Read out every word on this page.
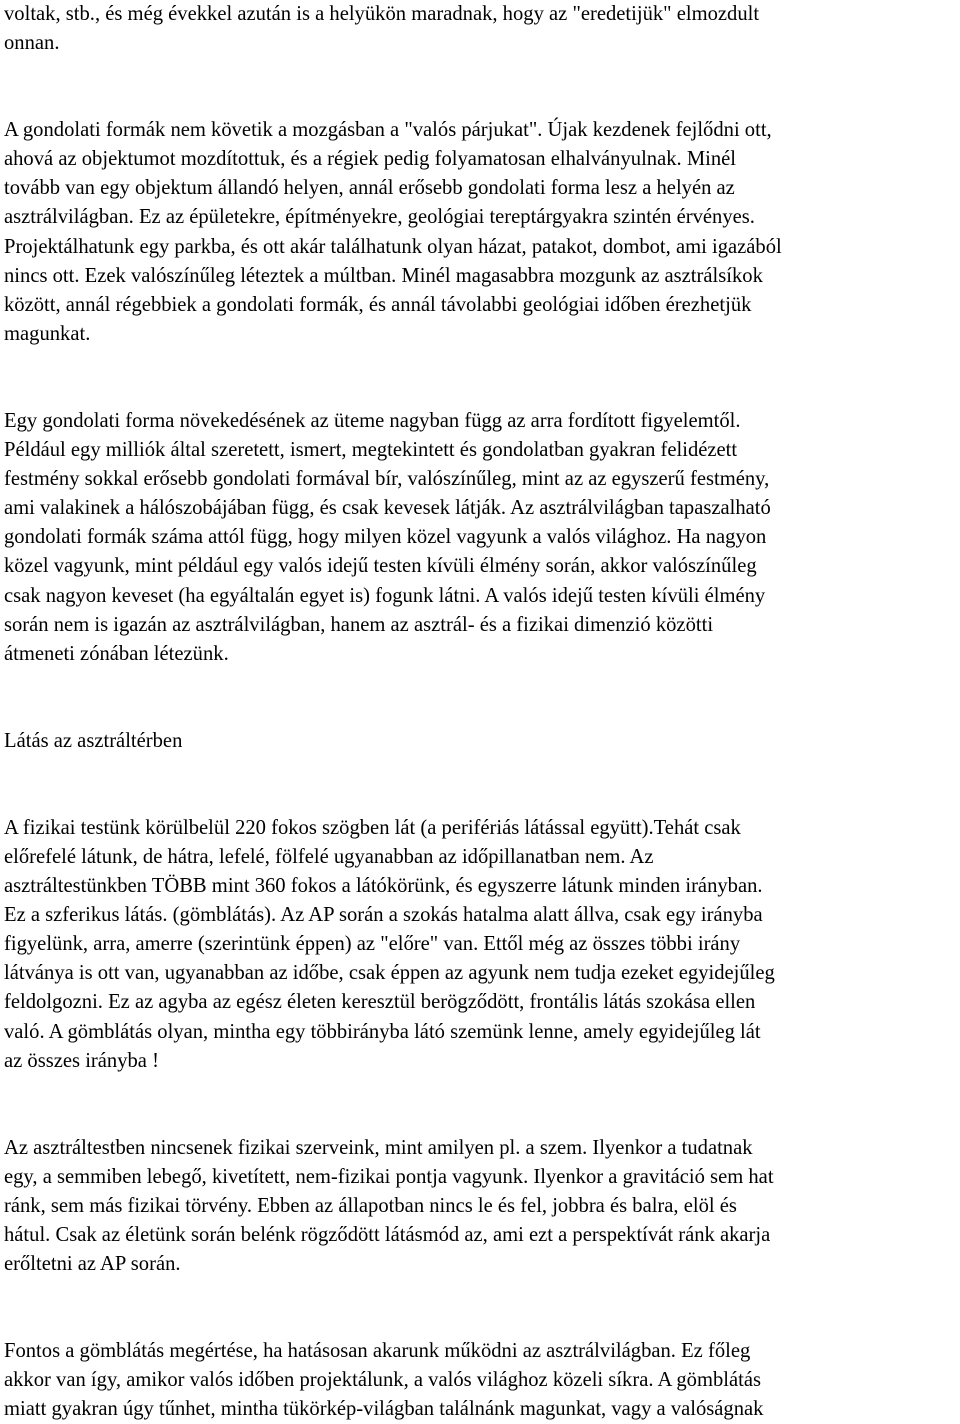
voltak, stb., és még évekkel azután is a helyükön maradnak, hogy az "eredetijük" elmozdult
onnan.
A gondolati formák nem követik a mozgásban a "valós párjukat". Újak kezdenek fejlődni ott,
ahová az objektumot mozdítottuk, és a régiek pedig folyamatosan elhalványulnak. Minél
tovább van egy objektum állandó helyen, annál erősebb gondolati forma lesz a helyén az
asztrálvilágban. Ez az épületekre, építményekre, geológiai tereptárgyakra szintén érvényes.
Projektálhatunk egy parkba, és ott akár találhatunk olyan házat, patakot, dombot, ami igazából
nincs ott. Ezek valószínűleg léteztek a múltban. Minél magasabbra mozgunk az asztrálsíkok
között, annál régebbiek a gondolati formák, és annál távolabbi geológiai időben érezhetjük
magunkat.
Egy gondolati forma növekedésének az üteme nagyban függ az arra fordított figyelemtől.
Például egy milliók által szeretett, ismert, megtekintett és gondolatban gyakran felidézett
festmény sokkal erősebb gondolati formával bír, valószínűleg, mint az az egyszerű festmény,
ami valakinek a hálószobájában függ, és csak kevesek látják. Az asztrálvilágban tapaszalható
gondolati formák száma attól függ, hogy milyen közel vagyunk a valós világhoz. Ha nagyon
közel vagyunk, mint például egy valós idejű testen kívüli élmény során, akkor valószínűleg
csak nagyon keveset (ha egyáltalán egyet is) fogunk látni. A valós idejű testen kívüli élmény
során nem is igazán az asztrálvilágban, hanem az asztrál- és a fizikai dimenzió közötti
átmeneti zónában létezünk.
Látás az asztráltérben
A fizikai testünk körülbelül 220 fokos szögben lát (a perifériás látással együtt).Tehát csak
előrefelé látunk, de hátra, lefelé, fölfelé ugyanabban az időpillanatban nem. Az
asztráltestünkben TÖBB mint 360 fokos a látókörünk, és egyszerre látunk minden irányban.
Ez a szferikus látás. (gömblátás). Az AP során a szokás hatalma alatt állva, csak egy irányba
figyelünk, arra, amerre (szerintünk éppen) az "előre" van. Ettől még az összes többi irány
látványa is ott van, ugyanabban az időbe, csak éppen az agyunk nem tudja ezeket egyidejűleg
feldolgozni. Ez az agyba az egész életen keresztül berögződött, frontális látás szokása ellen
való. A gömblátás olyan, mintha egy többirányba látó szemünk lenne, amely egyidejűleg lát
az összes irányba !
Az asztráltestben nincsenek fizikai szerveink, mint amilyen pl. a szem. Ilyenkor a tudatnak
egy, a semmiben lebegő, kivetített, nem-fizikai pontja vagyunk. Ilyenkor a gravitáció sem hat
ránk, sem más fizikai törvény. Ebben az állapotban nincs le és fel, jobbra és balra, elöl és
hátul. Csak az életünk során belénk rögződött látásmód az, ami ezt a perspektívát ránk akarja
erőltetni az AP során.
Fontos a gömblátás megértése, ha hatásosan akarunk működni az asztrálvilágban. Ez főleg
akkor van így, amikor valós időben projektálunk, a valós világhoz közeli síkra. A gömblátás
miatt gyakran úgy tűnhet, mintha tükörkép-világban találnánk magunkat, vagy a valóságnak
